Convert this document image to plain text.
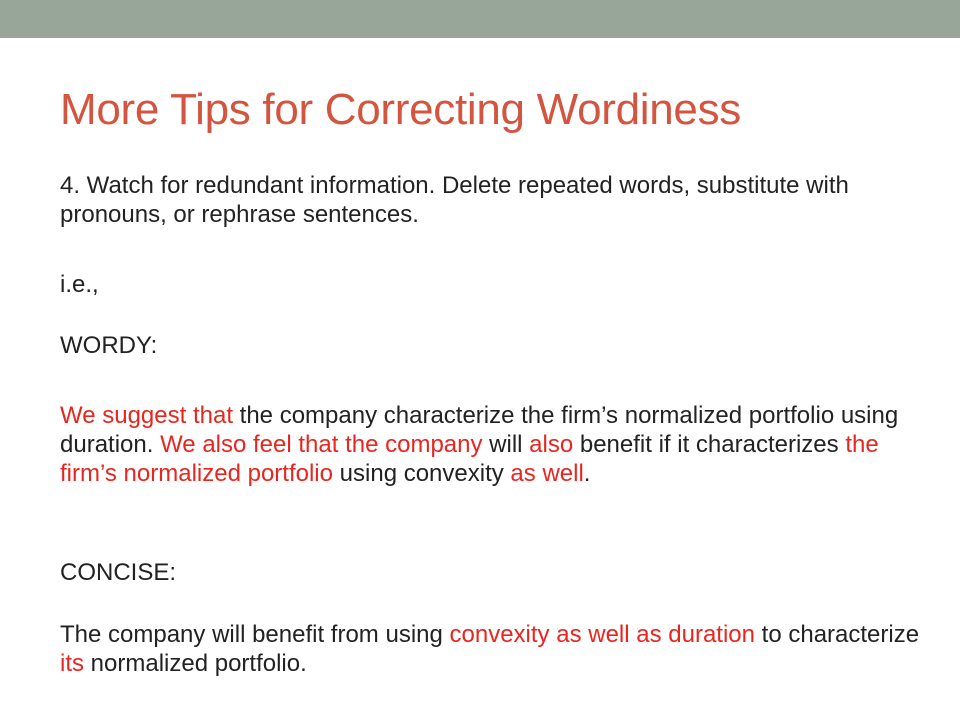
More Tips for Correcting Wordiness
4. Watch for redundant information. Delete repeated words, substitute with pronouns, or rephrase sentences.
i.e.,
WORDY:
We suggest that the company characterize the firm’s normalized portfolio using duration. We also feel that the company will also benefit if it characterizes the firm’s normalized portfolio using convexity as well.
CONCISE:
The company will benefit from using convexity as well as duration to characterize its normalized portfolio.
